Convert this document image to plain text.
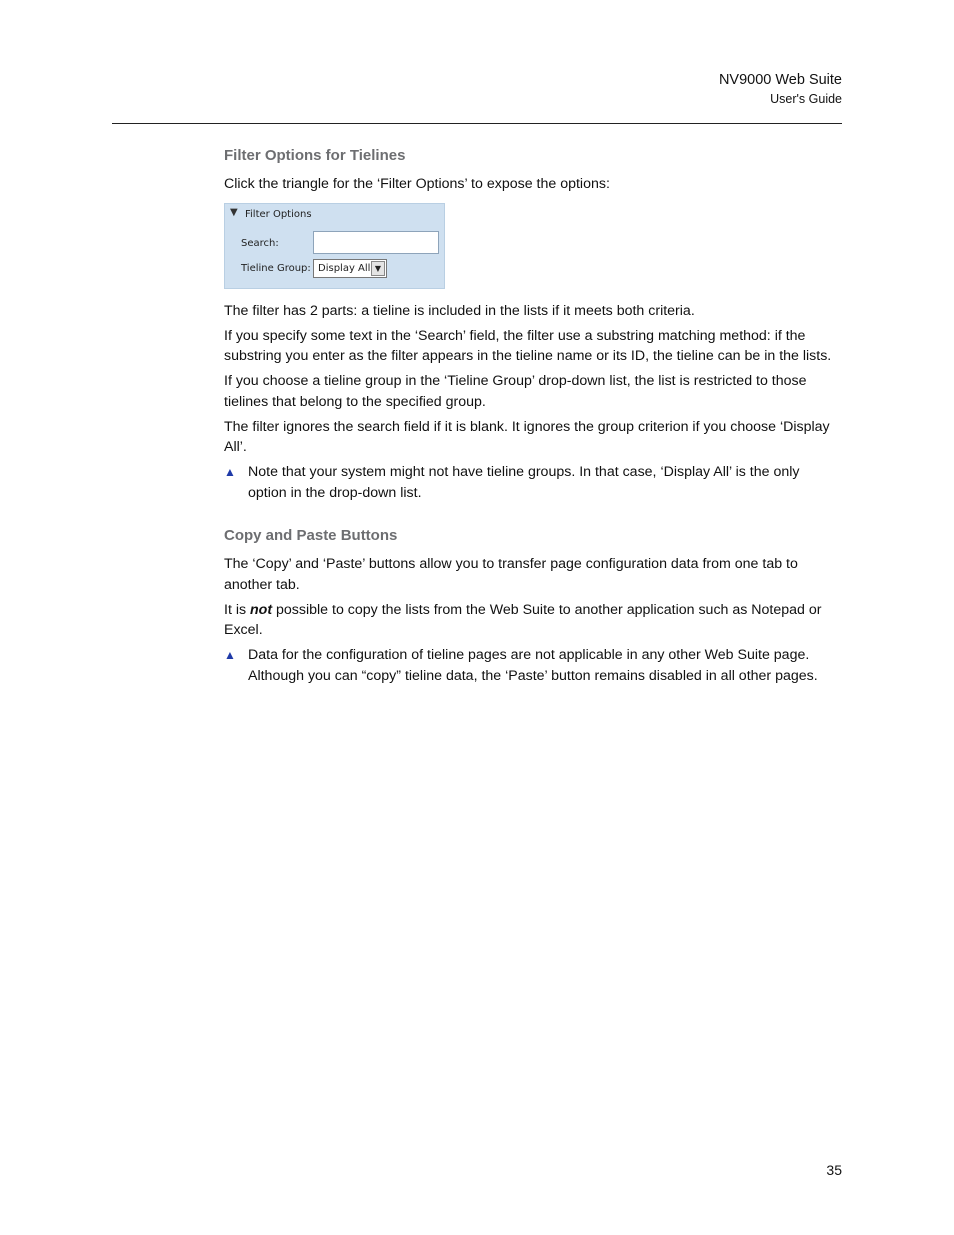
NV9000 Web Suite
User's Guide
Filter Options for Tielines

Click the triangle for the ‘Filter Options’ to expose the options:

▼ Filter Options
Search:
Tieline Group: Display All ▼

The filter has 2 parts: a tieline is included in the lists if it meets both criteria.

If you specify some text in the ‘Search’ field, the filter use a substring matching method: if the substring you enter as the filter appears in the tieline name or its ID, the tieline can be in the lists.

If you choose a tieline group in the ‘Tieline Group’ drop-down list, the list is restricted to those tielines that belong to the specified group.

The filter ignores the search field if it is blank. It ignores the group criterion if you choose ‘Display All’.

▲ Note that your system might not have tieline groups. In that case, ‘Display All’ is the only option in the drop-down list.
Copy and Paste Buttons

The ‘Copy’ and ‘Paste’ buttons allow you to transfer page configuration data from one tab to another tab.

It is not possible to copy the lists from the Web Suite to another application such as Notepad or Excel.

▲ Data for the configuration of tieline pages are not applicable in any other Web Suite page. Although you can “copy” tieline data, the ‘Paste’ button remains disabled in all other pages.
35
